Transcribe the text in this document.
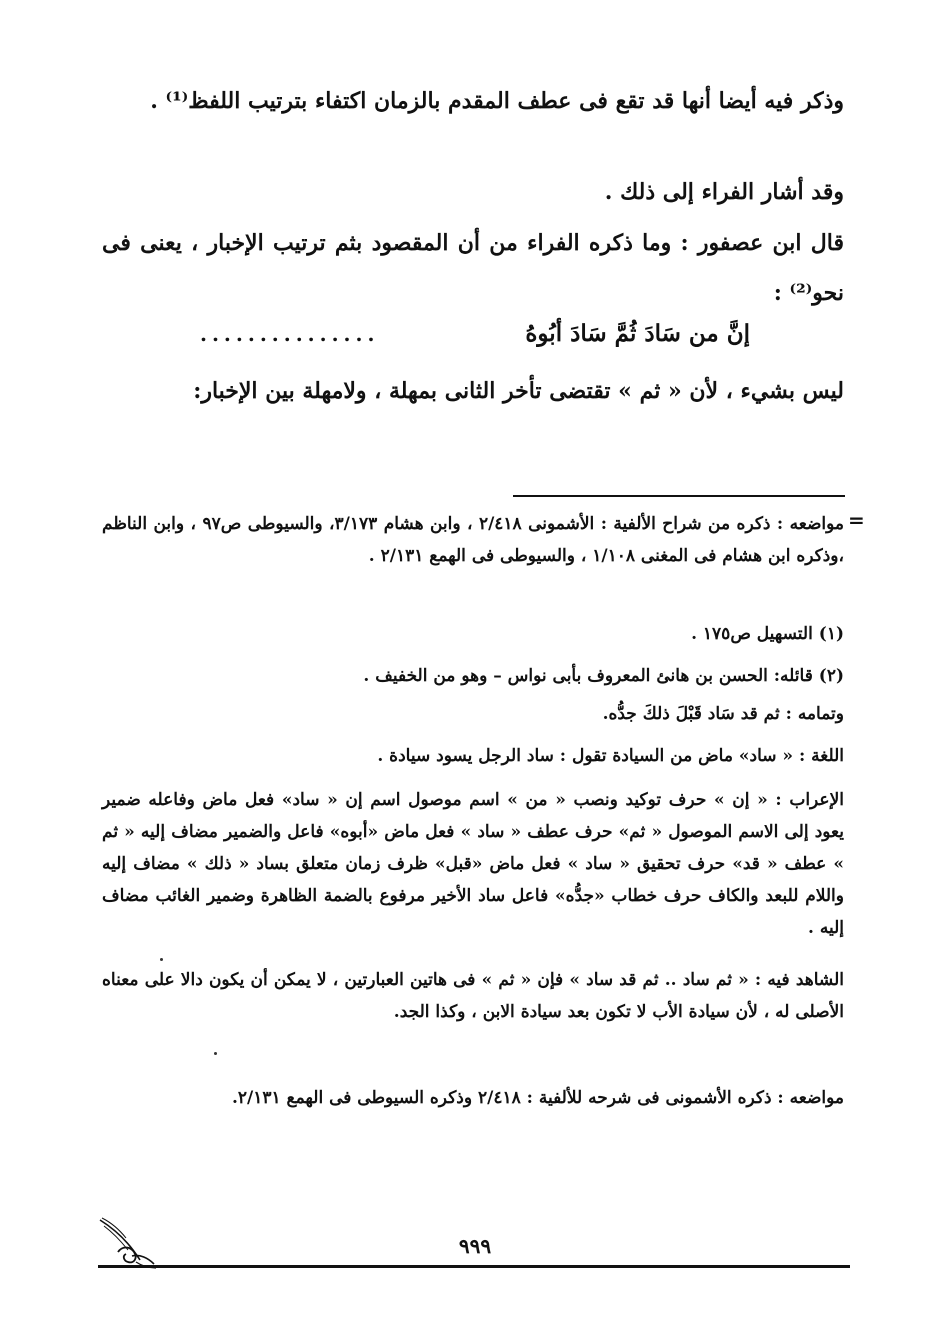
وذكر فيه أيضا أنها قد تقع فى عطف المقدم بالزمان اكتفاء بترتيب اللفظ⁽¹⁾ .

وقد أشار الفراء إلى ذلك .

قال ابن عصفور : وما ذكره الفراء من أن المقصود بثم ترتيب الإخبار ، يعنى فى نحو⁽²⁾ :

إنَّ من سَادَ ثُمَّ سَادَ أبُوهُ
...............

ليس بشيء ، لأن « ثم » تقتضى تأخر الثانى بمهلة ، ولامهلة بين الإخبار:

=

مواضعه : ذكره من شراح الألفية : الأشمونى ٢/٤١٨ ، وابن هشام ٣/١٧٣، والسيوطى ص٩٧ ، وابن الناظم ،وذكره ابن هشام فى المغنى ١/١٠٨ ، والسيوطى فى الهمع ٢/١٣١ .

(١) التسهيل ص١٧٥ .

(٢) قائله: الحسن بن هانئ المعروف بأبى نواس – وهو من الخفيف .

وتمامه : ثم قد سَاد قَبْلَ ذلكَ جدُّه.

اللغة : « ساد» ماض من السيادة تقول : ساد الرجل يسود سيادة .

الإعراب : « إن » حرف توكيد ونصب « من » اسم موصول اسم إن « ساد» فعل ماض وفاعله ضمير يعود إلى الاسم الموصول « ثم» حرف عطف « ساد » فعل ماض «أبوه» فاعل والضمير مضاف إليه « ثم » عطف « قد» حرف تحقيق « ساد » فعل ماض «قبل» ظرف زمان متعلق بساد « ذلك » مضاف إليه واللام للبعد والكاف حرف خطاب «جدُّه» فاعل ساد الأخير مرفوع بالضمة الظاهرة وضمير الغائب مضاف إليه .

الشاهد فيه : « ثم ساد .. ثم قد ساد » فإن « ثم » فى هاتين العبارتين ، لا يمكن أن يكون دالا على معناه الأصلى له ، لأن سيادة الأب لا تكون بعد سيادة الابن ، وكذا الجد.

مواضعه : ذكره الأشمونى فى شرحه للألفية : ٢/٤١٨ وذكره السيوطى فى الهمع ٢/١٣١.

٩٩٩
